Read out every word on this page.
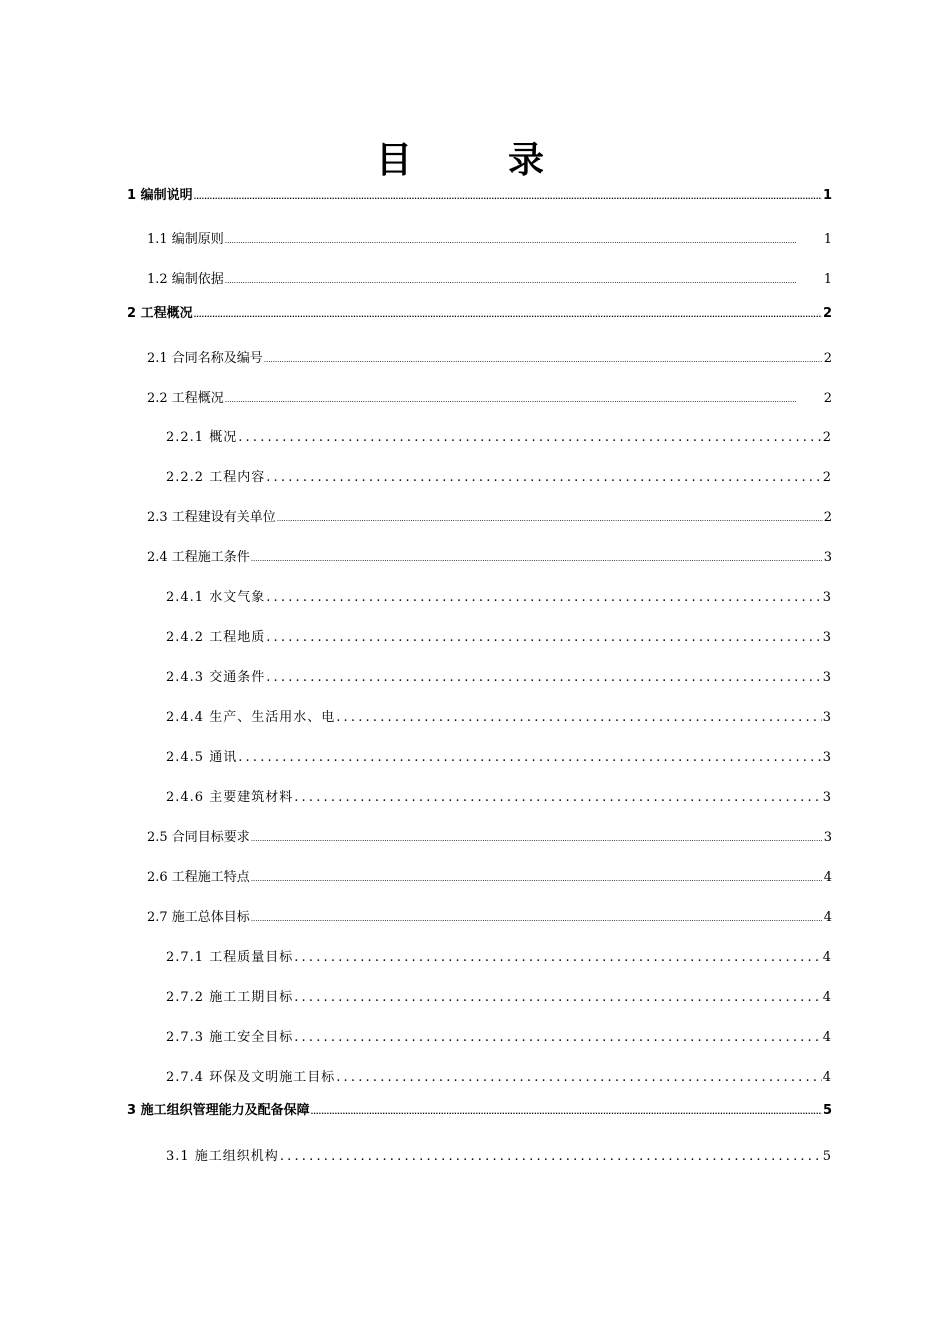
目　录
1 编制说明 .....	1
1.1 编制原则 .....	1
1.2 编制依据 .....	1
2 工程概况 .....	2
2.1 合同名称及编号 .....	2
2.2 工程概况 .....	2
2.2.1 概况 .....	2
2.2.2 工程内容 .....	2
2.3 工程建设有关单位 .....	2
2.4 工程施工条件 .....	3
2.4.1 水文气象 .....	3
2.4.2 工程地质 .....	3
2.4.3 交通条件 .....	3
2.4.4 生产、生活用水、电 .....	3
2.4.5 通讯 .....	3
2.4.6 主要建筑材料 .....	3
2.5 合同目标要求 .....	3
2.6 工程施工特点 .....	4
2.7 施工总体目标 .....	4
2.7.1 工程质量目标 .....	4
2.7.2 施工工期目标 .....	4
2.7.3 施工安全目标 .....	4
2.7.4 环保及文明施工目标 .....	4
3 施工组织管理能力及配备保障 .....	5
3.1 施工组织机构 .....	5
